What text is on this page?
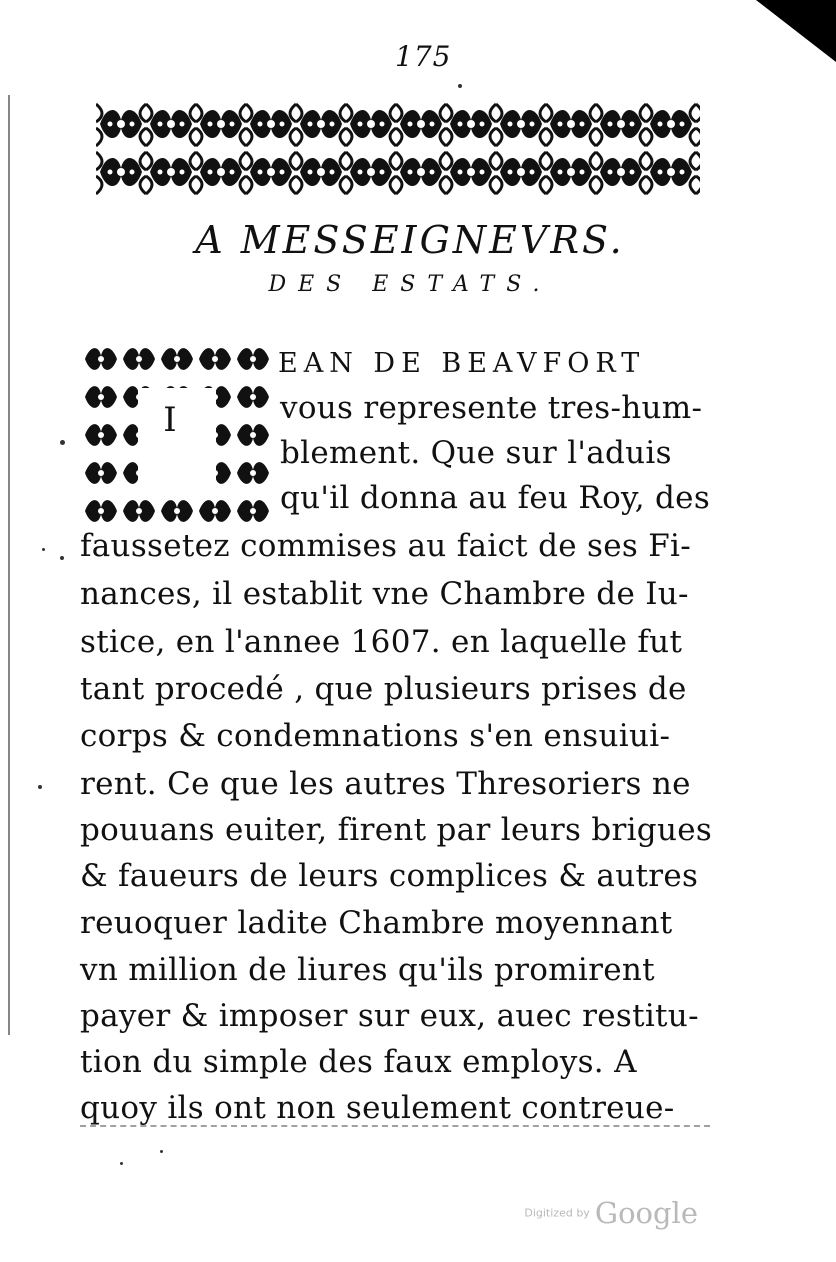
175
A MESSEIGNEVRS.
DES ESTATS.
I
EAN DE BEAVFORT
vous represente tres-hum-
blement. Que sur l'aduis
qu'il donna au feu Roy, des
faussetez commises au faict de ses Fi-
nances, il establit vne Chambre de Iu-
stice, en l'annee 1607. en laquelle fut
tant procedé , que plusieurs prises de
corps & condemnations s'en ensuiui-
rent. Ce que les autres Thresoriers ne
pouuans euiter, firent par leurs brigues
& faueurs de leurs complices & autres
reuoquer ladite Chambre moyennant
vn million de liures qu'ils promirent
payer & imposer sur eux, auec restitu-
tion du simple des faux employs. A
quoy ils ont non seulement contreue-
Digitized by Google
